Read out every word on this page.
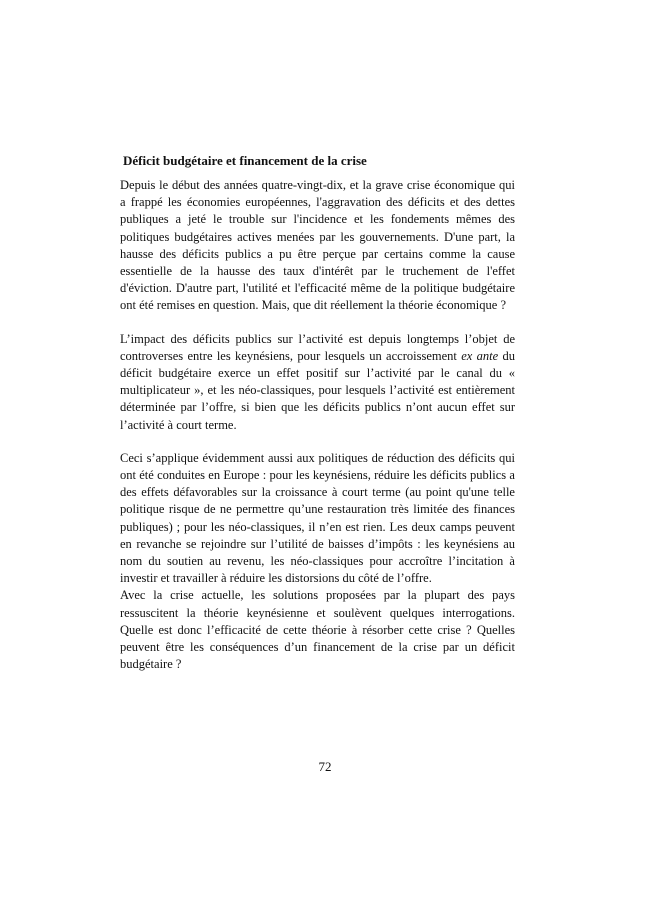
Déficit budgétaire et financement de la crise

Depuis le début des années quatre-vingt-dix, et la grave crise économique qui a frappé les économies européennes, l'aggravation des déficits et des dettes publiques a jeté le trouble sur l'incidence et les fondements mêmes des politiques budgétaires actives menées par les gouvernements. D'une part, la hausse des déficits publics a pu être perçue par certains comme la cause essentielle de la hausse des taux d'intérêt par le truchement de l'effet d'éviction. D'autre part, l'utilité et l'efficacité même de la politique budgétaire ont été remises en question. Mais, que dit réellement la théorie économique ?

L’impact des déficits publics sur l’activité est depuis longtemps l’objet de controverses entre les keynésiens, pour lesquels un accroissement ex ante du déficit budgétaire exerce un effet positif sur l’activité par le canal du « multiplicateur », et les néo-classiques, pour lesquels l’activité est entièrement déterminée par l’offre, si bien que les déficits publics n’ont aucun effet sur l’activité à court terme.

Ceci s’applique évidemment aussi aux politiques de réduction des déficits qui ont été conduites en Europe : pour les keynésiens, réduire les déficits publics a des effets défavorables sur la croissance à court terme (au point qu'une telle politique risque de ne permettre qu’une restauration très limitée des finances publiques) ; pour les néo-classiques, il n’en est rien. Les deux camps peuvent en revanche se rejoindre sur l’utilité de baisses d’impôts : les keynésiens au nom du soutien au revenu, les néo-classiques pour accroître l’incitation à investir et travailler à réduire les distorsions du côté de l’offre.

Avec la crise actuelle, les solutions proposées par la plupart des pays ressuscitent la théorie keynésienne et soulèvent quelques interrogations. Quelle est donc l’efficacité de cette théorie à résorber cette crise ? Quelles peuvent être les conséquences d’un financement de la crise par un déficit budgétaire ?

72
